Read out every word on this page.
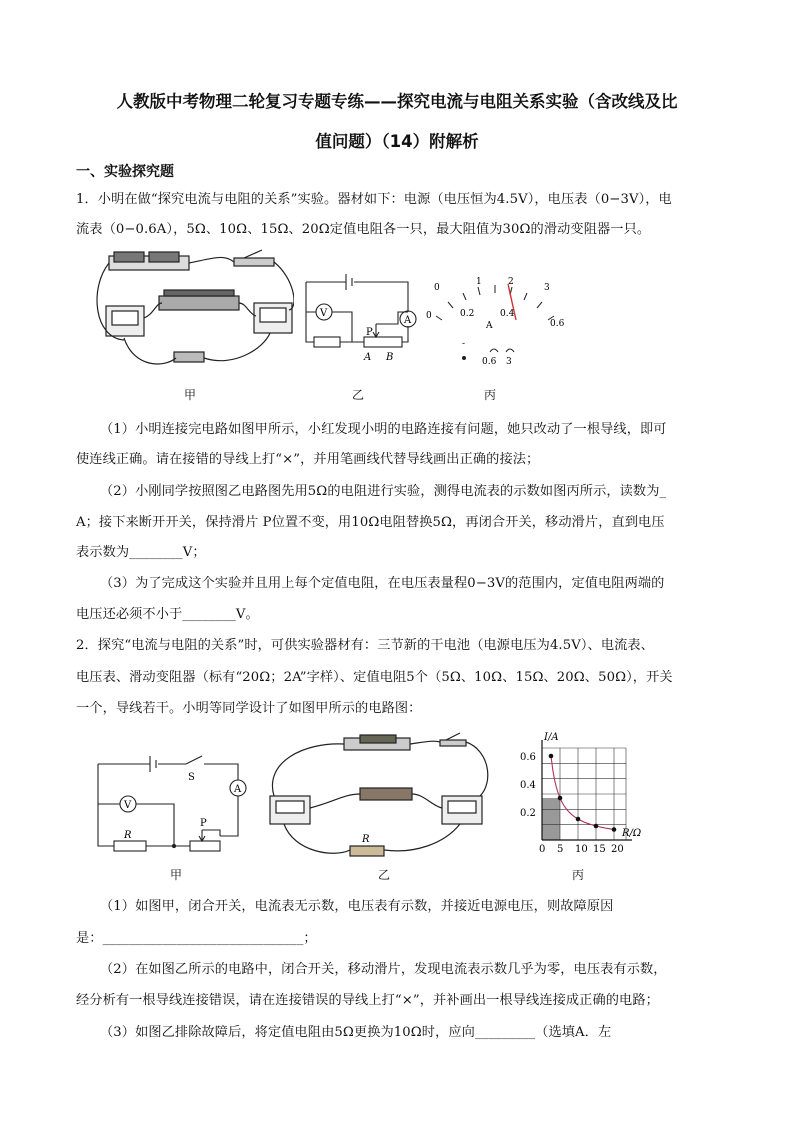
人教版中考物理二轮复习专题专练——探究电流与电阻关系实验（含改线及比
值问题）（14）附解析
一、实验探究题
1．小明在做“探究电流与电阻的关系”实验。器材如下：电源（电压恒为4.5V），电压表（0−3V），电
流表（0−0.6A），5Ω、10Ω、15Ω、20Ω定值电阻各一只，最大阻值为30Ω的滑动变阻器一只。
V
A
P
A B
0
1	2
3
0	0.2	0.4
0.6
A
-
0.6 3
甲	乙	丙
（1）小明连接完电路如图甲所示，小红发现小明的电路连接有问题，她只改动了一根导线，即可
使连线正确。请在接错的导线上打“×”，并用笔画线代替导线画出正确的接法；
（2）小刚同学按照图乙电路图先用5Ω的电阻进行实验，测得电流表的示数如图丙所示，读数为_
A；接下来断开开关，保持滑片 P位置不变，用10Ω电阻替换5Ω，再闭合开关，移动滑片，直到电压
表示数为________V；
（3）为了完成这个实验并且用上每个定值电阻，在电压表量程0−3V的范围内，定值电阻两端的
电压还必须不小于________V。
2．探究“电流与电阻的关系”时，可供实验器材有：三节新的干电池（电源电压为4.5V）、电流表、
电压表、滑动变阻器（标有“20Ω；2A”字样）、定值电阻5个（5Ω、10Ω、15Ω、20Ω、50Ω），开关
一个，导线若干。小明等同学设计了如图甲所示的电路图：
S
A
V
R
P
R
0 5 10 15 20
0.2
0.4
0.6
I/A
R/Ω
甲	乙	丙
（1）如图甲，闭合开关，电流表无示数，电压表有示数，并接近电源电压，则故障原因
是：______________________________；
（2）在如图乙所示的电路中，闭合开关，移动滑片，发现电流表示数几乎为零，电压表有示数，
经分析有一根导线连接错误，请在连接错误的导线上打“×”，并补画出一根导线连接成正确的电路；
（3）如图乙排除故障后，将定值电阻由5Ω更换为10Ω时，应向_________（选填A．左
